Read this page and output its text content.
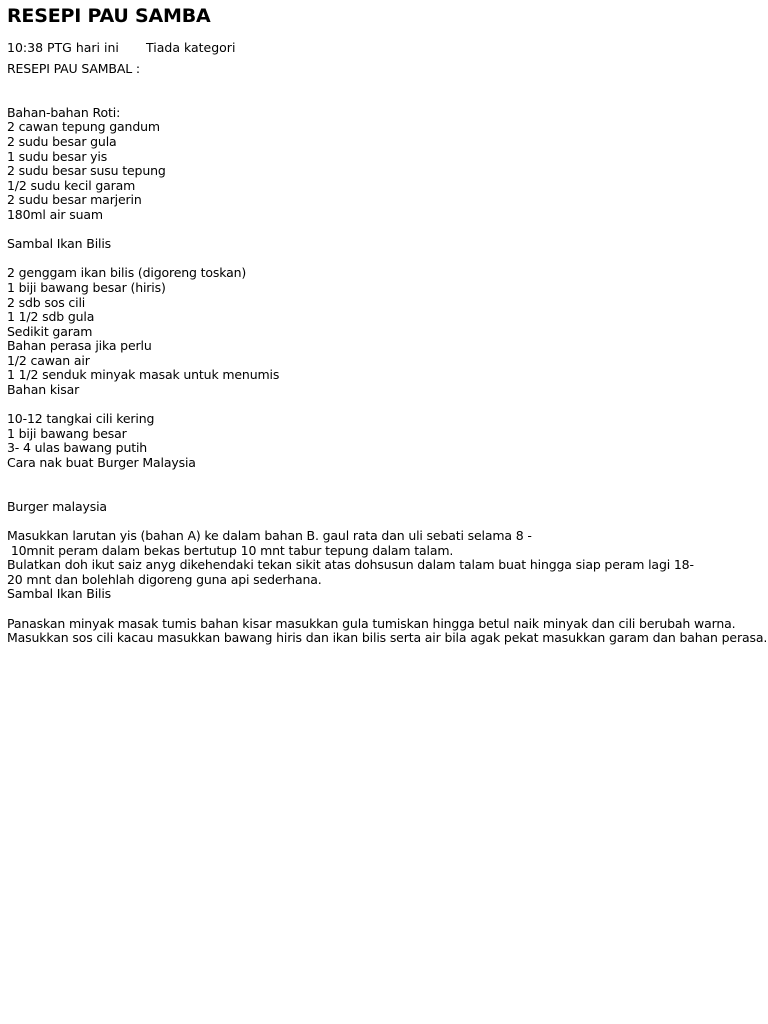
RESEPI PAU SAMBA
10:38 PTG hari ini	Tiada kategori
RESEPI PAU SAMBAL :
Bahan-bahan Roti:
2 cawan tepung gandum
2 sudu besar gula
1 sudu besar yis
2 sudu besar susu tepung
1/2 sudu kecil garam
2 sudu besar marjerin
180ml air suam
Sambal Ikan Bilis
2 genggam ikan bilis (digoreng toskan)
1 biji bawang besar (hiris)
2 sdb sos cili
1 1/2 sdb gula
Sedikit garam
Bahan perasa jika perlu
1/2 cawan air
1 1/2 senduk minyak masak untuk menumis
Bahan kisar
10-12 tangkai cili kering
1 biji bawang besar
3- 4 ulas bawang putih
Cara nak buat Burger Malaysia
Burger malaysia
Masukkan larutan yis (bahan A) ke dalam bahan B. gaul rata dan uli sebati selama 8 -
10mnit peram dalam bekas bertutup 10 mnt tabur tepung dalam talam.
Bulatkan doh ikut saiz anyg dikehendaki tekan sikit atas dohsusun dalam talam buat hingga siap peram lagi 18-
20 mnt dan bolehlah digoreng guna api sederhana.
Sambal Ikan Bilis
Panaskan minyak masak tumis bahan kisar masukkan gula tumiskan hingga betul naik minyak dan cili berubah warna.
Masukkan sos cili kacau masukkan bawang hiris dan ikan bilis serta air bila agak pekat masukkan garam dan bahan perasa.
